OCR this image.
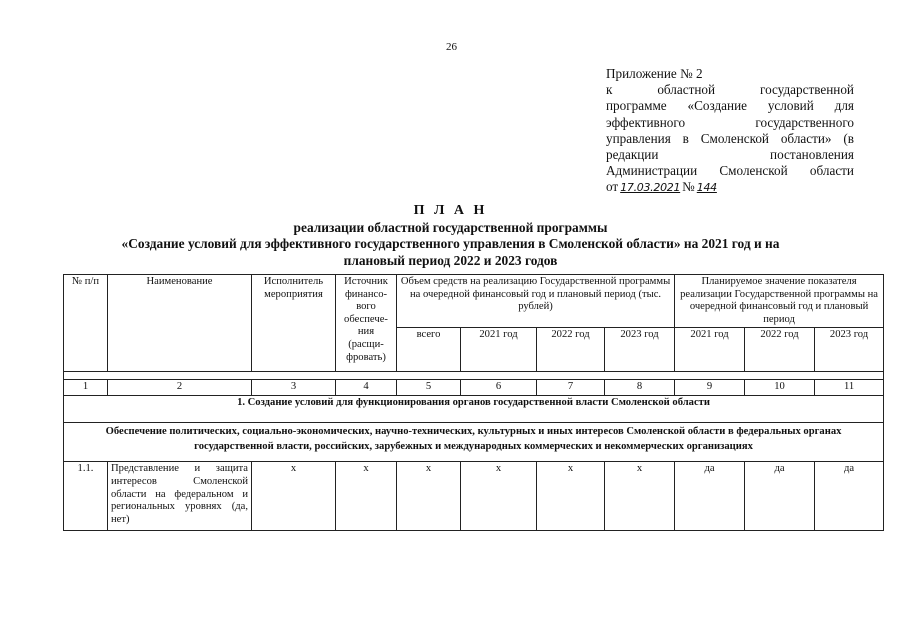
26
Приложение № 2
к областной государственной
программе «Создание условий для
эффективного государственного
управления в Смоленской области» (в
редакции постановления
Администрации Смоленской области
от 17.03.2021 № 144
П Л А Н
реализации областной государственной программы
«Создание условий для эффективного государственного управления в Смоленской области» на 2021 год и на
плановый период 2022 и 2023 годов
№ п/п	Наименование	Исполнитель мероприятия	Источник финансо-вого обеспече-ния (расщи-фровать)	Объем средств на реализацию Государственной программы на очередной финансовый год и плановый период (тыс. рублей)				Планируемое значение показателя реализации Государственной программы на очередной финансовый год и плановый период		
				всего	2021 год	2022 год	2023 год	2021 год	2022 год	2023 год

1	2	3	4	5	6	7	8	9	10	11
1. Создание условий для функционирования органов государственной власти Смоленской области										
Обеспечение политических, социально-экономических, научно-технических, культурных и иных интересов Смоленской области в федеральных органах государственной власти, российских, зарубежных и международных коммерческих и некоммерческих организациях										
1.1.	Представление и защита интересов Смоленской области на федеральном и региональных уровнях (да, нет)	x	x	x	x	x	x	да	да	да
